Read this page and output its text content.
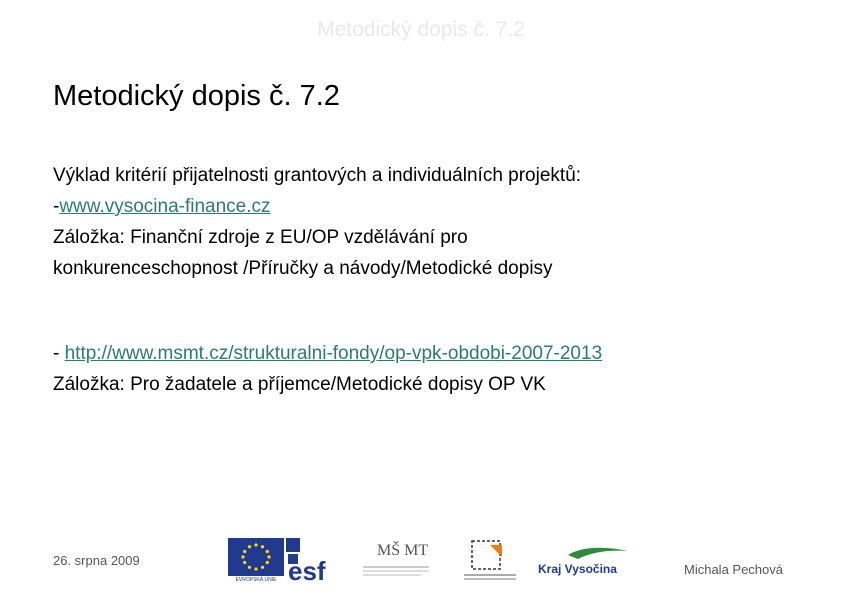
Metodický dopis č. 7.2
Metodický dopis č. 7.2
Výklad kritérií přijatelnosti grantových a individuálních projektů:
-www.vysocina-finance.cz
Záložka: Finanční zdroje z EU/OP vzdělávání pro
konkurenceschopnost /Příručky a návody/Metodické dopisy
- http://www.msmt.cz/strukturalni-fondy/op-vpk-obdobi-2007-2013
Záložka: Pro žadatele a příjemce/Metodické dopisy OP VK
26. srpna 2009
EVROPSKÁ UNIE esf
MŠ MT
Kraj Vysočina	Michala Pechová
